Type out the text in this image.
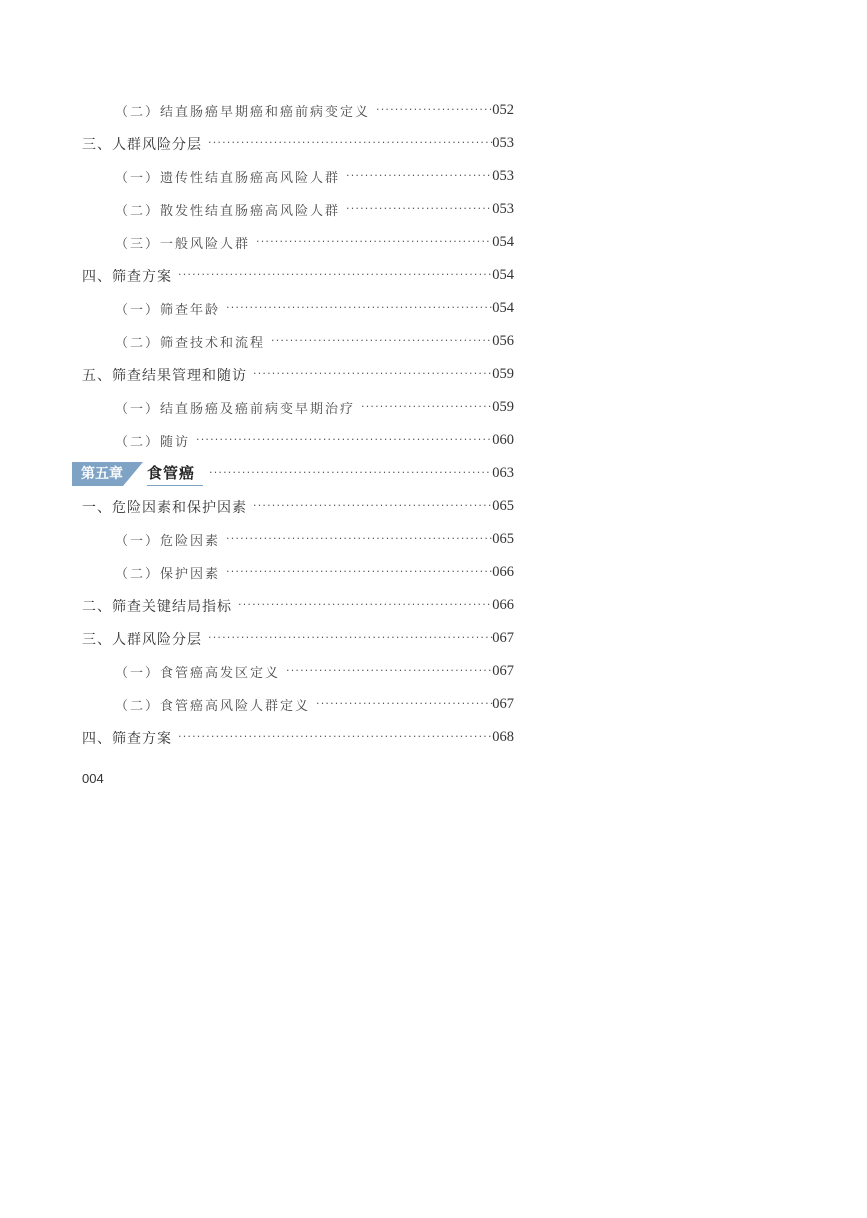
（二）结直肠癌早期癌和癌前病变定义 ·····	052
三、人群风险分层 ·····	053
（一）遗传性结直肠癌高风险人群 ·····	053
（二）散发性结直肠癌高风险人群 ·····	053
（三）一般风险人群 ·····	054
四、筛查方案 ·····	054
（一）筛查年龄 ·····	054
（二）筛查技术和流程 ·····	056
五、筛查结果管理和随访 ·····	059
（一）结直肠癌及癌前病变早期治疗 ·····	059
（二）随访 ·····	060
第五章 食管癌 ·····	063
一、危险因素和保护因素 ·····	065
（一）危险因素 ·····	065
（二）保护因素 ·····	066
二、筛查关键结局指标 ·····	066
三、人群风险分层 ·····	067
（一）食管癌高发区定义 ·····	067
（二）食管癌高风险人群定义 ·····	067
四、筛查方案 ·····	068
004
